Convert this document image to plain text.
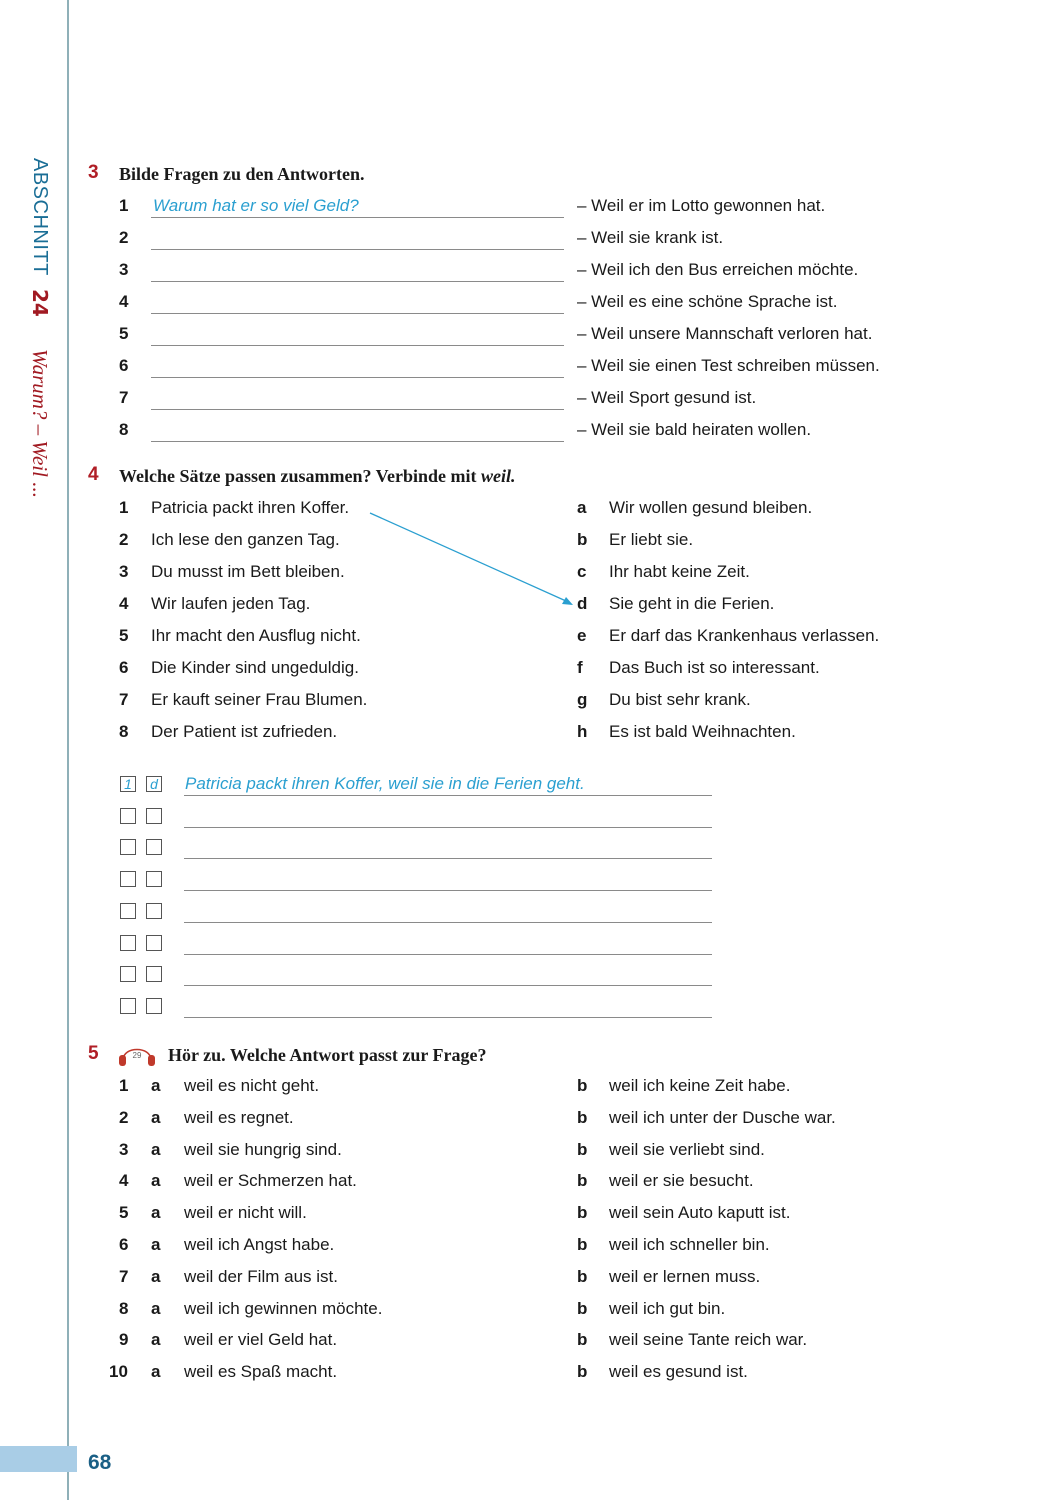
ABSCHNITT 24 Warum? – Weil ...
68
3 Bilde Fragen zu den Antworten.
1 Warum hat er so viel Geld?	– Weil er im Lotto gewonnen hat.
2	– Weil sie krank ist.
3	– Weil ich den Bus erreichen möchte.
4	– Weil es eine schöne Sprache ist.
5	– Weil unsere Mannschaft verloren hat.
6	– Weil sie einen Test schreiben müssen.
7	– Weil Sport gesund ist.
8	– Weil sie bald heiraten wollen.
4 Welche Sätze passen zusammen? Verbinde mit weil.
1 Patricia packt ihren Koffer.
2 Ich lese den ganzen Tag.
3 Du musst im Bett bleiben.
4 Wir laufen jeden Tag.
5 Ihr macht den Ausflug nicht.
6 Die Kinder sind ungeduldig.
7 Er kauft seiner Frau Blumen.
8 Der Patient ist zufrieden.
a Wir wollen gesund bleiben.
b Er liebt sie.
c Ihr habt keine Zeit.
d Sie geht in die Ferien.
e Er darf das Krankenhaus verlassen.
f Das Buch ist so interessant.
g Du bist sehr krank.
h Es ist bald Weihnachten.
1 d Patricia packt ihren Koffer, weil sie in die Ferien geht.
5	29 Hör zu. Welche Antwort passt zur Frage?
1 a weil es nicht geht.	b weil ich keine Zeit habe.
2 a weil es regnet.	b weil ich unter der Dusche war.
3 a weil sie hungrig sind.	b weil sie verliebt sind.
4 a weil er Schmerzen hat.	b weil er sie besucht.
5 a weil er nicht will.	b weil sein Auto kaputt ist.
6 a weil ich Angst habe.	b weil ich schneller bin.
7 a weil der Film aus ist.	b weil er lernen muss.
8 a weil ich gewinnen möchte.	b weil ich gut bin.
9 a weil er viel Geld hat.	b weil seine Tante reich war.
10 a weil es Spaß macht.	b weil es gesund ist.
